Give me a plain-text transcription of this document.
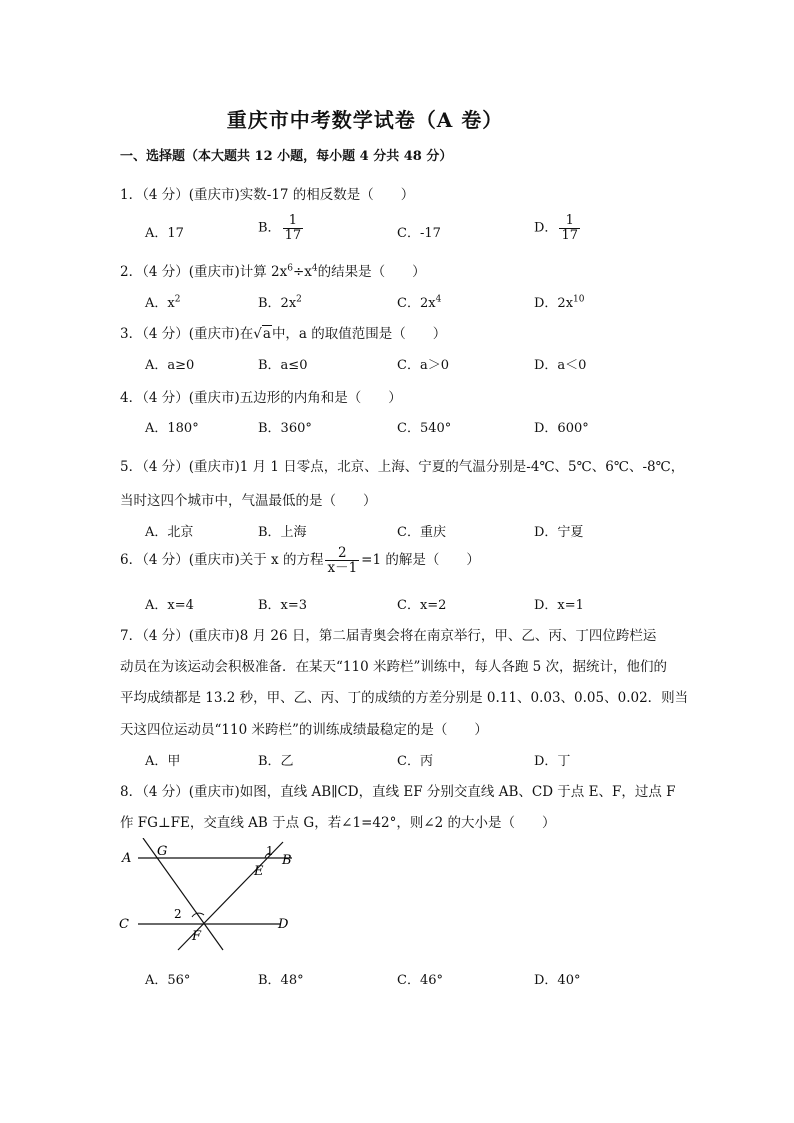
重庆市中考数学试卷（A 卷）
一、选择题（本大题共 12 小题，每小题 4 分共 48 分）
1．（4 分）(重庆市)实数-17 的相反数是（　　）
A．17	B． $\frac{1}{17}$	C．-17	D． $\frac{1}{17}$
2．（4 分）(重庆市)计算 $2x^6\div x^4$的结果是（　　）
A．$x^2$	B．$2x^2$	C．$2x^4$	D．$2x^{10}$
3．（4 分）(重庆市)在√a中，a 的取值范围是（　　）
A．a≥0	B．a≤0	C．a＞0	D．a＜0
4．（4 分）(重庆市)五边形的内角和是（　　）
A．180°	B．360°	C．540°	D．600°
5．（4 分）(重庆市)1 月 1 日零点，北京、上海、宁夏的气温分别是-4℃、5℃、6℃、-8℃，
当时这四个城市中，气温最低的是（　　）
A．北京	B．上海	C．重庆	D．宁夏
6．（4 分）(重庆市)关于 x 的方程 $\frac{2}{x-1} =1$ 的解是（　　）
A．x=4	B．x=3	C．x=2	D．x=1
7．（4 分）(重庆市)8 月 26 日，第二届青奥会将在南京举行，甲、乙、丙、丁四位跨栏运
动员在为该运动会积极准备．在某天“110 米跨栏”训练中，每人各跑 5 次，据统计，他们的
平均成绩都是 13.2 秒，甲、乙、丙、丁的成绩的方差分别是 0.11、0.03、0.05、0.02．则当
天这四位运动员“110 米跨栏”的训练成绩最稳定的是（　　）
A．甲	B．乙	C．丙	D．丁
8．（4 分）(重庆市)如图，直线 AB∥CD，直线 EF 分别交直线 AB、CD 于点 E、F，过点 F
作 FG⊥FE，交直线 AB 于点 G，若∠1=42°，则∠2 的大小是（　　）
A	B
C	D
E
F
G	1
2
A．56°	B．48°	C．46°	D．40°
